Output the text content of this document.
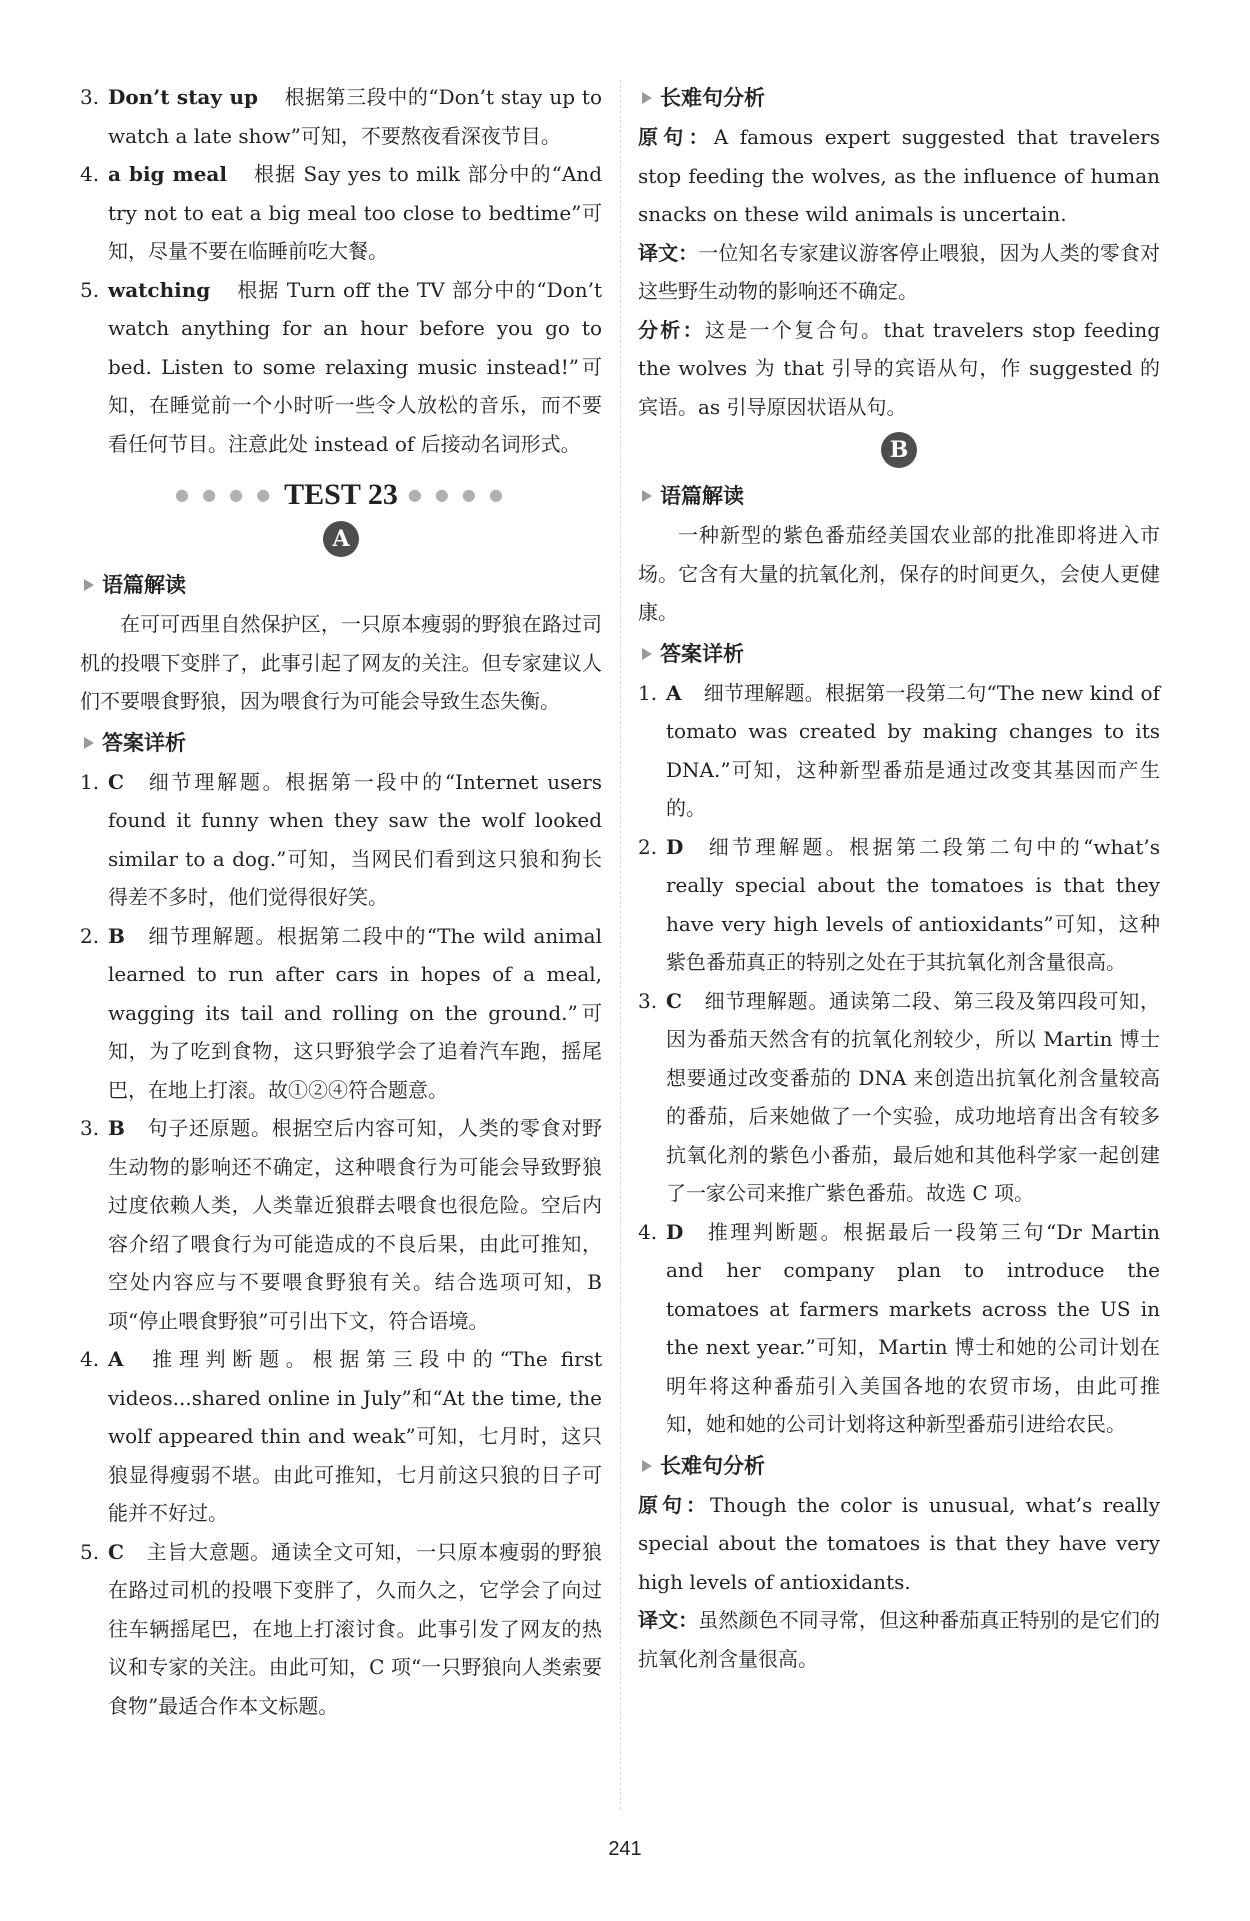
3. Don’t stay up 根据第三段中的“Don’t stay up to watch a late show”可知，不要熬夜看深夜节目。
4. a big meal 根据 Say yes to milk 部分中的“And try not to eat a big meal too close to bedtime”可知，尽量不要在临睡前吃大餐。
5. watching 根据 Turn off the TV 部分中的“Don’t watch anything for an hour before you go to bed. Listen to some relaxing music instead!”可知，在睡觉前一个小时听一些令人放松的音乐，而不要看任何节目。注意此处 instead of 后接动名词形式。
● ● ● ● TEST 23 ● ● ● ●
A
语篇解读

在可可西里自然保护区，一只原本瘦弱的野狼在路过司机的投喂下变胖了，此事引起了网友的关注。但专家建议人们不要喂食野狼，因为喂食行为可能会导致生态失衡。

答案详析
1. C 细节理解题。根据第一段中的“Internet users found it funny when they saw the wolf looked similar to a dog.”可知，当网民们看到这只狼和狗长得差不多时，他们觉得很好笑。
2. B 细节理解题。根据第二段中的“The wild animal learned to run after cars in hopes of a meal, wagging its tail and rolling on the ground.”可知，为了吃到食物，这只野狼学会了追着汽车跑，摇尾巴，在地上打滚。故①②④符合题意。
3. B 句子还原题。根据空后内容可知，人类的零食对野生动物的影响还不确定，这种喂食行为可能会导致野狼过度依赖人类，人类靠近狼群去喂食也很危险。空后内容介绍了喂食行为可能造成的不良后果，由此可推知，空处内容应与不要喂食野狼有关。结合选项可知，B 项“停止喂食野狼”可引出下文，符合语境。
4. A 推理判断题。根据第三段中的“The first videos...shared online in July”和“At the time, the wolf appeared thin and weak”可知，七月时，这只狼显得瘦弱不堪。由此可推知，七月前这只狼的日子可能并不好过。
5. C 主旨大意题。通读全文可知，一只原本瘦弱的野狼在路过司机的投喂下变胖了，久而久之，它学会了向过往车辆摇尾巴，在地上打滚讨食。此事引发了网友的热议和专家的关注。由此可知，C 项“一只野狼向人类索要食物”最适合作本文标题。
长难句分析

原句：A famous expert suggested that travelers stop feeding the wolves, as the influence of human snacks on these wild animals is uncertain.

译文：一位知名专家建议游客停止喂狼，因为人类的零食对这些野生动物的影响还不确定。

分析：这是一个复合句。that travelers stop feeding the wolves 为 that 引导的宾语从句，作 suggested 的宾语。as 引导原因状语从句。

B
语篇解读

一种新型的紫色番茄经美国农业部的批准即将进入市场。它含有大量的抗氧化剂，保存的时间更久，会使人更健康。

答案详析
1. A 细节理解题。根据第一段第二句“The new kind of tomato was created by making changes to its DNA.”可知，这种新型番茄是通过改变其基因而产生的。
2. D 细节理解题。根据第二段第二句中的“what’s really special about the tomatoes is that they have very high levels of antioxidants”可知，这种紫色番茄真正的特别之处在于其抗氧化剂含量很高。
3. C 细节理解题。通读第二段、第三段及第四段可知，因为番茄天然含有的抗氧化剂较少，所以 Martin 博士想要通过改变番茄的 DNA 来创造出抗氧化剂含量较高的番茄，后来她做了一个实验，成功地培育出含有较多抗氧化剂的紫色小番茄，最后她和其他科学家一起创建了一家公司来推广紫色番茄。故选 C 项。
4. D 推理判断题。根据最后一段第三句“Dr Martin and her company plan to introduce the tomatoes at farmers markets across the US in the next year.”可知，Martin 博士和她的公司计划在明年将这种番茄引入美国各地的农贸市场，由此可推知，她和她的公司计划将这种新型番茄引进给农民。
长难句分析

原句：Though the color is unusual, what’s really special about the tomatoes is that they have very high levels of antioxidants.

译文：虽然颜色不同寻常，但这种番茄真正特别的是它们的抗氧化剂含量很高。

241
